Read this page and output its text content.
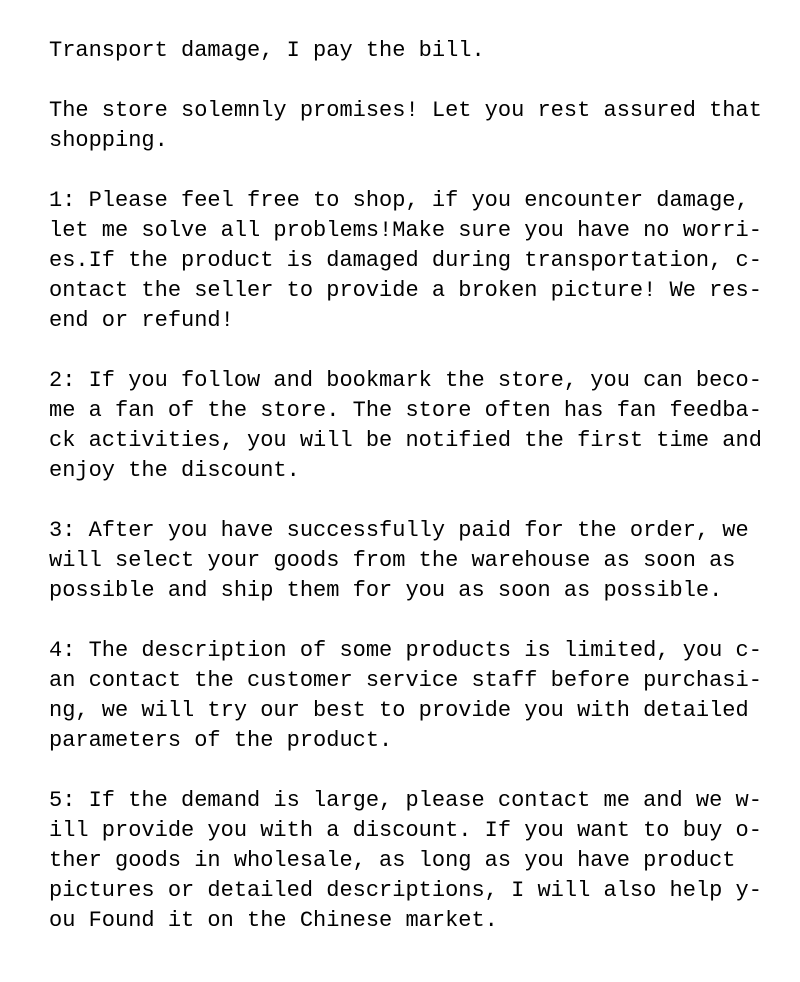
Transport damage, I pay the bill.

The store solemnly promises! Let you rest assured that
shopping.

1: Please feel free to shop, if you encounter damage,
let me solve all problems!Make sure you have no worri-
es.If the product is damaged during transportation, c-
ontact the seller to provide a broken picture! We res-
end or refund!

2: If you follow and bookmark the store, you can beco-
me a fan of the store. The store often has fan feedba-
ck activities, you will be notified the first time and
enjoy the discount.

3: After you have successfully paid for the order, we
will select your goods from the warehouse as soon as
possible and ship them for you as soon as possible.

4: The description of some products is limited, you c-
an contact the customer service staff before purchasi-
ng, we will try our best to provide you with detailed
parameters of the product.

5: If the demand is large, please contact me and we w-
ill provide you with a discount. If you want to buy o-
ther goods in wholesale, as long as you have product
pictures or detailed descriptions, I will also help y-
ou Found it on the Chinese market.
